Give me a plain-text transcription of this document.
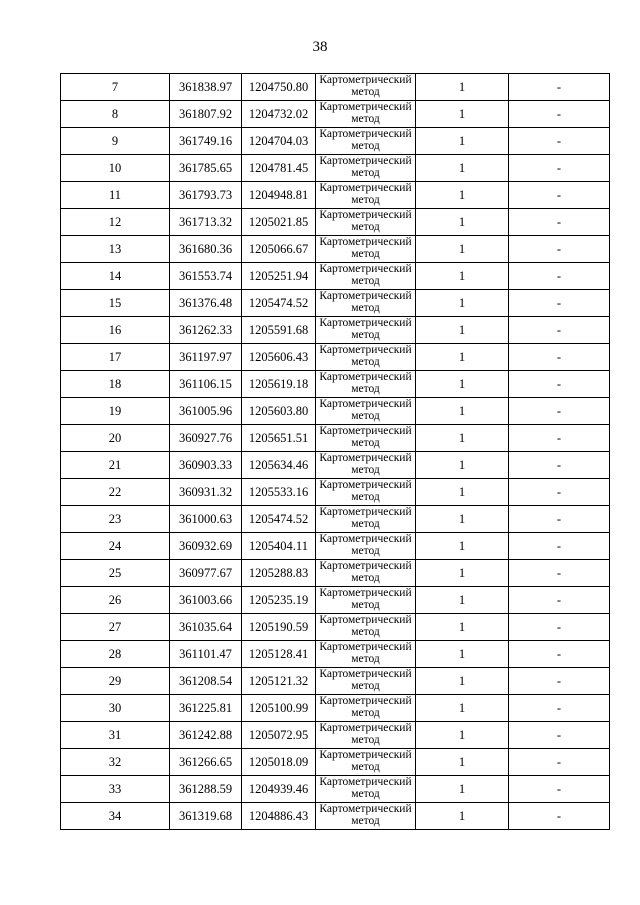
38
7	361838.97	1204750.80	Картометрический метод	1	-
8	361807.92	1204732.02	Картометрический метод	1	-
9	361749.16	1204704.03	Картометрический метод	1	-
10	361785.65	1204781.45	Картометрический метод	1	-
11	361793.73	1204948.81	Картометрический метод	1	-
12	361713.32	1205021.85	Картометрический метод	1	-
13	361680.36	1205066.67	Картометрический метод	1	-
14	361553.74	1205251.94	Картометрический метод	1	-
15	361376.48	1205474.52	Картометрический метод	1	-
16	361262.33	1205591.68	Картометрический метод	1	-
17	361197.97	1205606.43	Картометрический метод	1	-
18	361106.15	1205619.18	Картометрический метод	1	-
19	361005.96	1205603.80	Картометрический метод	1	-
20	360927.76	1205651.51	Картометрический метод	1	-
21	360903.33	1205634.46	Картометрический метод	1	-
22	360931.32	1205533.16	Картометрический метод	1	-
23	361000.63	1205474.52	Картометрический метод	1	-
24	360932.69	1205404.11	Картометрический метод	1	-
25	360977.67	1205288.83	Картометрический метод	1	-
26	361003.66	1205235.19	Картометрический метод	1	-
27	361035.64	1205190.59	Картометрический метод	1	-
28	361101.47	1205128.41	Картометрический метод	1	-
29	361208.54	1205121.32	Картометрический метод	1	-
30	361225.81	1205100.99	Картометрический метод	1	-
31	361242.88	1205072.95	Картометрический метод	1	-
32	361266.65	1205018.09	Картометрический метод	1	-
33	361288.59	1204939.46	Картометрический метод	1	-
34	361319.68	1204886.43	Картометрический метод	1	-
